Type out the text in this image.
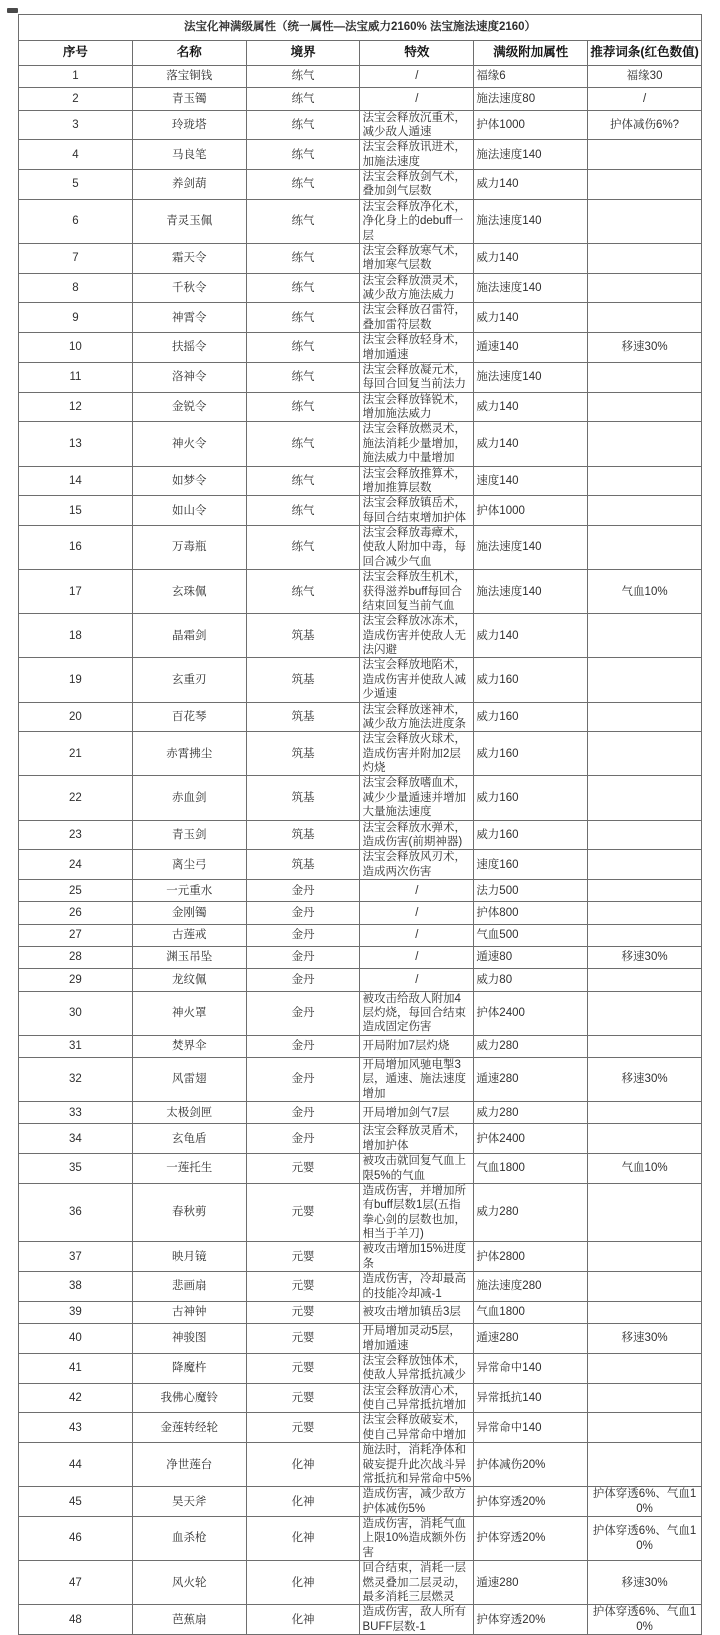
法宝化神满级属性（统一属性—法宝威力2160% 法宝施法速度2160）					
序号	名称	境界	特效	满级附加属性	推荐词条(红色数值)
1	落宝铜钱	练气	/	福缘6	福缘30
2	青玉镯	练气	/	施法速度80	/
3	玲珑塔	练气	法宝会释放沉重术，减少敌人遁速	护体1000	护体减伤6%?
4	马良笔	练气	法宝会释放讯进术，加施法速度	施法速度140	
5	养剑葫	练气	法宝会释放剑气术，叠加剑气层数	威力140	
6	青灵玉佩	练气	法宝会释放净化术，净化身上的debuff一层	施法速度140	
7	霜天令	练气	法宝会释放寒气术，增加寒气层数	威力140	
8	千秋令	练气	法宝会释放溃灵术，减少敌方施法威力	施法速度140	
9	神霄令	练气	法宝会释放召雷符，叠加雷符层数	威力140	
10	扶摇令	练气	法宝会释放轻身术，增加遁速	遁速140	移速30%
11	洛神令	练气	法宝会释放凝元术，每回合回复当前法力	施法速度140	
12	金锐令	练气	法宝会释放锋锐术，增加施法威力	威力140	
13	神火令	练气	法宝会释放燃灵术，施法消耗少量增加，施法威力中量增加	威力140	
14	如梦令	练气	法宝会释放推算术，增加推算层数	速度140	
15	如山令	练气	法宝会释放镇岳术，每回合结束增加护体	护体1000	
16	万毒瓶	练气	法宝会释放毒瘴术，使敌人附加中毒，每回合减少气血	施法速度140	
17	玄珠佩	练气	法宝会释放生机术，获得滋养buff每回合结束回复当前气血	施法速度140	气血10%
18	晶霜剑	筑基	法宝会释放冰冻术，造成伤害并使敌人无法闪避	威力140	
19	玄重刃	筑基	法宝会释放地陷术，造成伤害并使敌人减少遁速	威力160	
20	百花琴	筑基	法宝会释放迷神术，减少敌方施法进度条	威力160	
21	赤霄拂尘	筑基	法宝会释放火球术，造成伤害并附加2层灼烧	威力160	
22	赤血剑	筑基	法宝会释放嗜血术，减少少量遁速并增加大量施法速度	威力160	
23	青玉剑	筑基	法宝会释放水弹术，造成伤害(前期神器)	威力160	
24	离尘弓	筑基	法宝会释放风刃术，造成两次伤害	速度160	
25	一元重水	金丹	/	法力500	
26	金刚镯	金丹	/	护体800	
27	古莲戒	金丹	/	气血500	
28	渊玉吊坠	金丹	/	遁速80	移速30%
29	龙纹佩	金丹	/	威力80	
30	神火罩	金丹	被攻击给敌人附加4层灼烧，每回合结束造成固定伤害	护体2400	
31	焚界伞	金丹	开局附加7层灼烧	威力280	
32	风雷翅	金丹	开局增加风驰电掣3层，遁速、施法速度增加	遁速280	移速30%
33	太极剑匣	金丹	开局增加剑气7层	威力280	
34	玄龟盾	金丹	法宝会释放灵盾术，增加护体	护体2400	
35	一莲托生	元婴	被攻击就回复气血上限5%的气血	气血1800	气血10%
36	春秋剪	元婴	造成伤害，并增加所有buff层数1层(五指拳心剑的层数也加，相当于羊刀)	威力280	
37	映月镜	元婴	被攻击增加15%进度条	护体2800	
38	悲画扇	元婴	造成伤害，冷却最高的技能冷却减-1	施法速度280	
39	古神钟	元婴	被攻击增加镇岳3层	气血1800	
40	神骏图	元婴	开局增加灵动5层，增加遁速	遁速280	移速30%
41	降魔杵	元婴	法宝会释放蚀体术，使敌人异常抵抗减少	异常命中140	
42	我佛心魔铃	元婴	法宝会释放清心术，使自己异常抵抗增加	异常抵抗140	
43	金莲转经轮	元婴	法宝会释放破妄术，使自己异常命中增加	异常命中140	
44	净世莲台	化神	施法时，消耗净体和破妄提升此次战斗异常抵抗和异常命中5%	护体减伤20%	
45	昊天斧	化神	造成伤害，减少敌方护体减伤5%	护体穿透20%	护体穿透6%、气血10%
46	血杀枪	化神	造成伤害，消耗气血上限10%造成额外伤害	护体穿透20%	护体穿透6%、气血10%
47	风火轮	化神	回合结束，消耗一层燃灵叠加二层灵动，最多消耗三层燃灵	遁速280	移速30%
48	芭蕉扇	化神	造成伤害，敌人所有BUFF层数-1	护体穿透20%	护体穿透6%、气血10%
